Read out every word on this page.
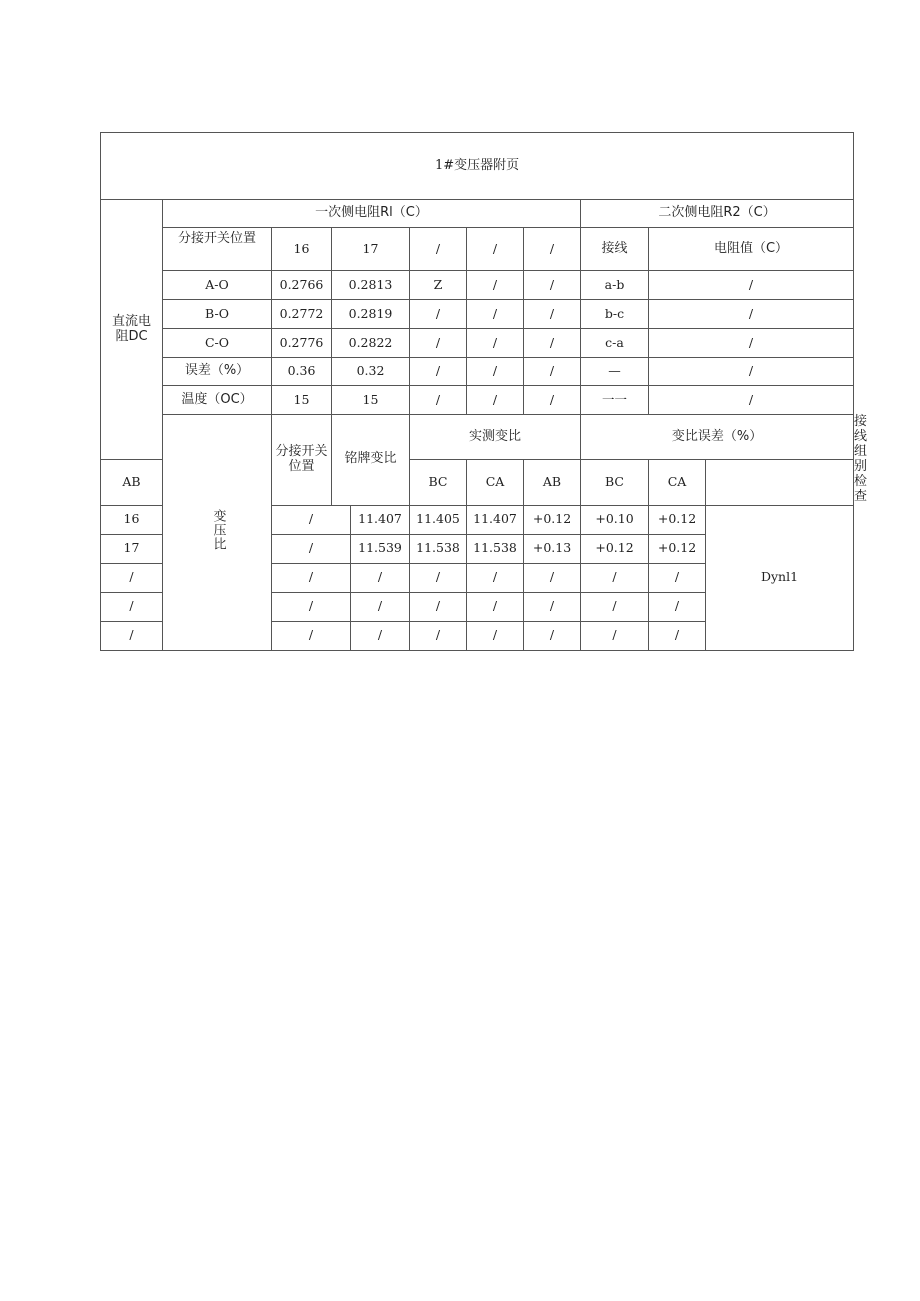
1#变压器附页											
直流电阻DC	一次侧电阻Rl（C）							二次侧电阻R2（C）			
	分接开关位置	16	17		/	/	/	接线	电阻值（C）		
	A-O	0.2766	0.2813		Z	/	/	a-b	/		
	B-O	0.2772	0.2819		/	/	/	b-c	/		
	C-O	0.2776	0.2822		/	/	/	c-a	/		
	误差（%）	0.36	0.32		/	/	/	—	/		
	温度（OC）	15	15		/	/	/	一一	/		
	变压比	分接开关位置	铭牌变比		实测变比			变比误差（%）			接线组别检查
AB					BC	CA	AB	BC	CA		
16		/		11.407	11.405	11.407	+0.12	+0.10	+0.12	Dynl1	
17		/		11.539	11.538	11.538	+0.13	+0.12	+0.12		
/		/		/	/	/	/	/	/		
/		/		/	/	/	/	/	/		
/		/		/	/	/	/	/	/		
